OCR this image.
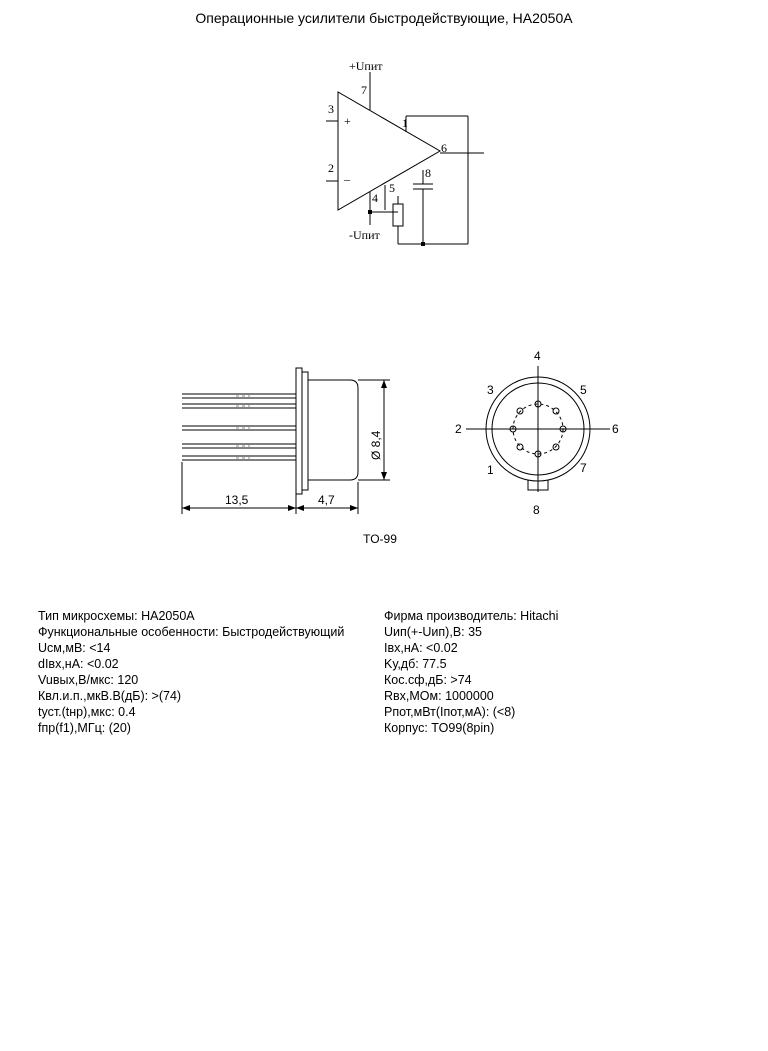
Операционные усилители быстродействующие, HA2050A
+Uпит
-Uпит
7
3
2
+
–
1
6
4
5
8
13,5	4,7
Ø 8,4
4
3	5
2	6
1	7
8
TO-99
Тип микросхемы: HA2050A
Функциональные особенности: Быстродействующий
Uсм,мВ: <14
dIвх,нА: <0.02
Vuвых,В/мкс: 120
Квл.и.п.,мкВ.В(дБ): >(74)
tуст.(tнр),мкс: 0.4
fпр(f1),МГц: (20)
Фирма производитель: Hitachi
Uип(+-Uип),В: 35
Iвх,нА: <0.02
Kу,дб: 77.5
Кос.сф,дБ: >74
Rвх,МОм: 1000000
Pпот,мВт(Iпот,мА): (<8)
Корпус: TO99(8pin)
